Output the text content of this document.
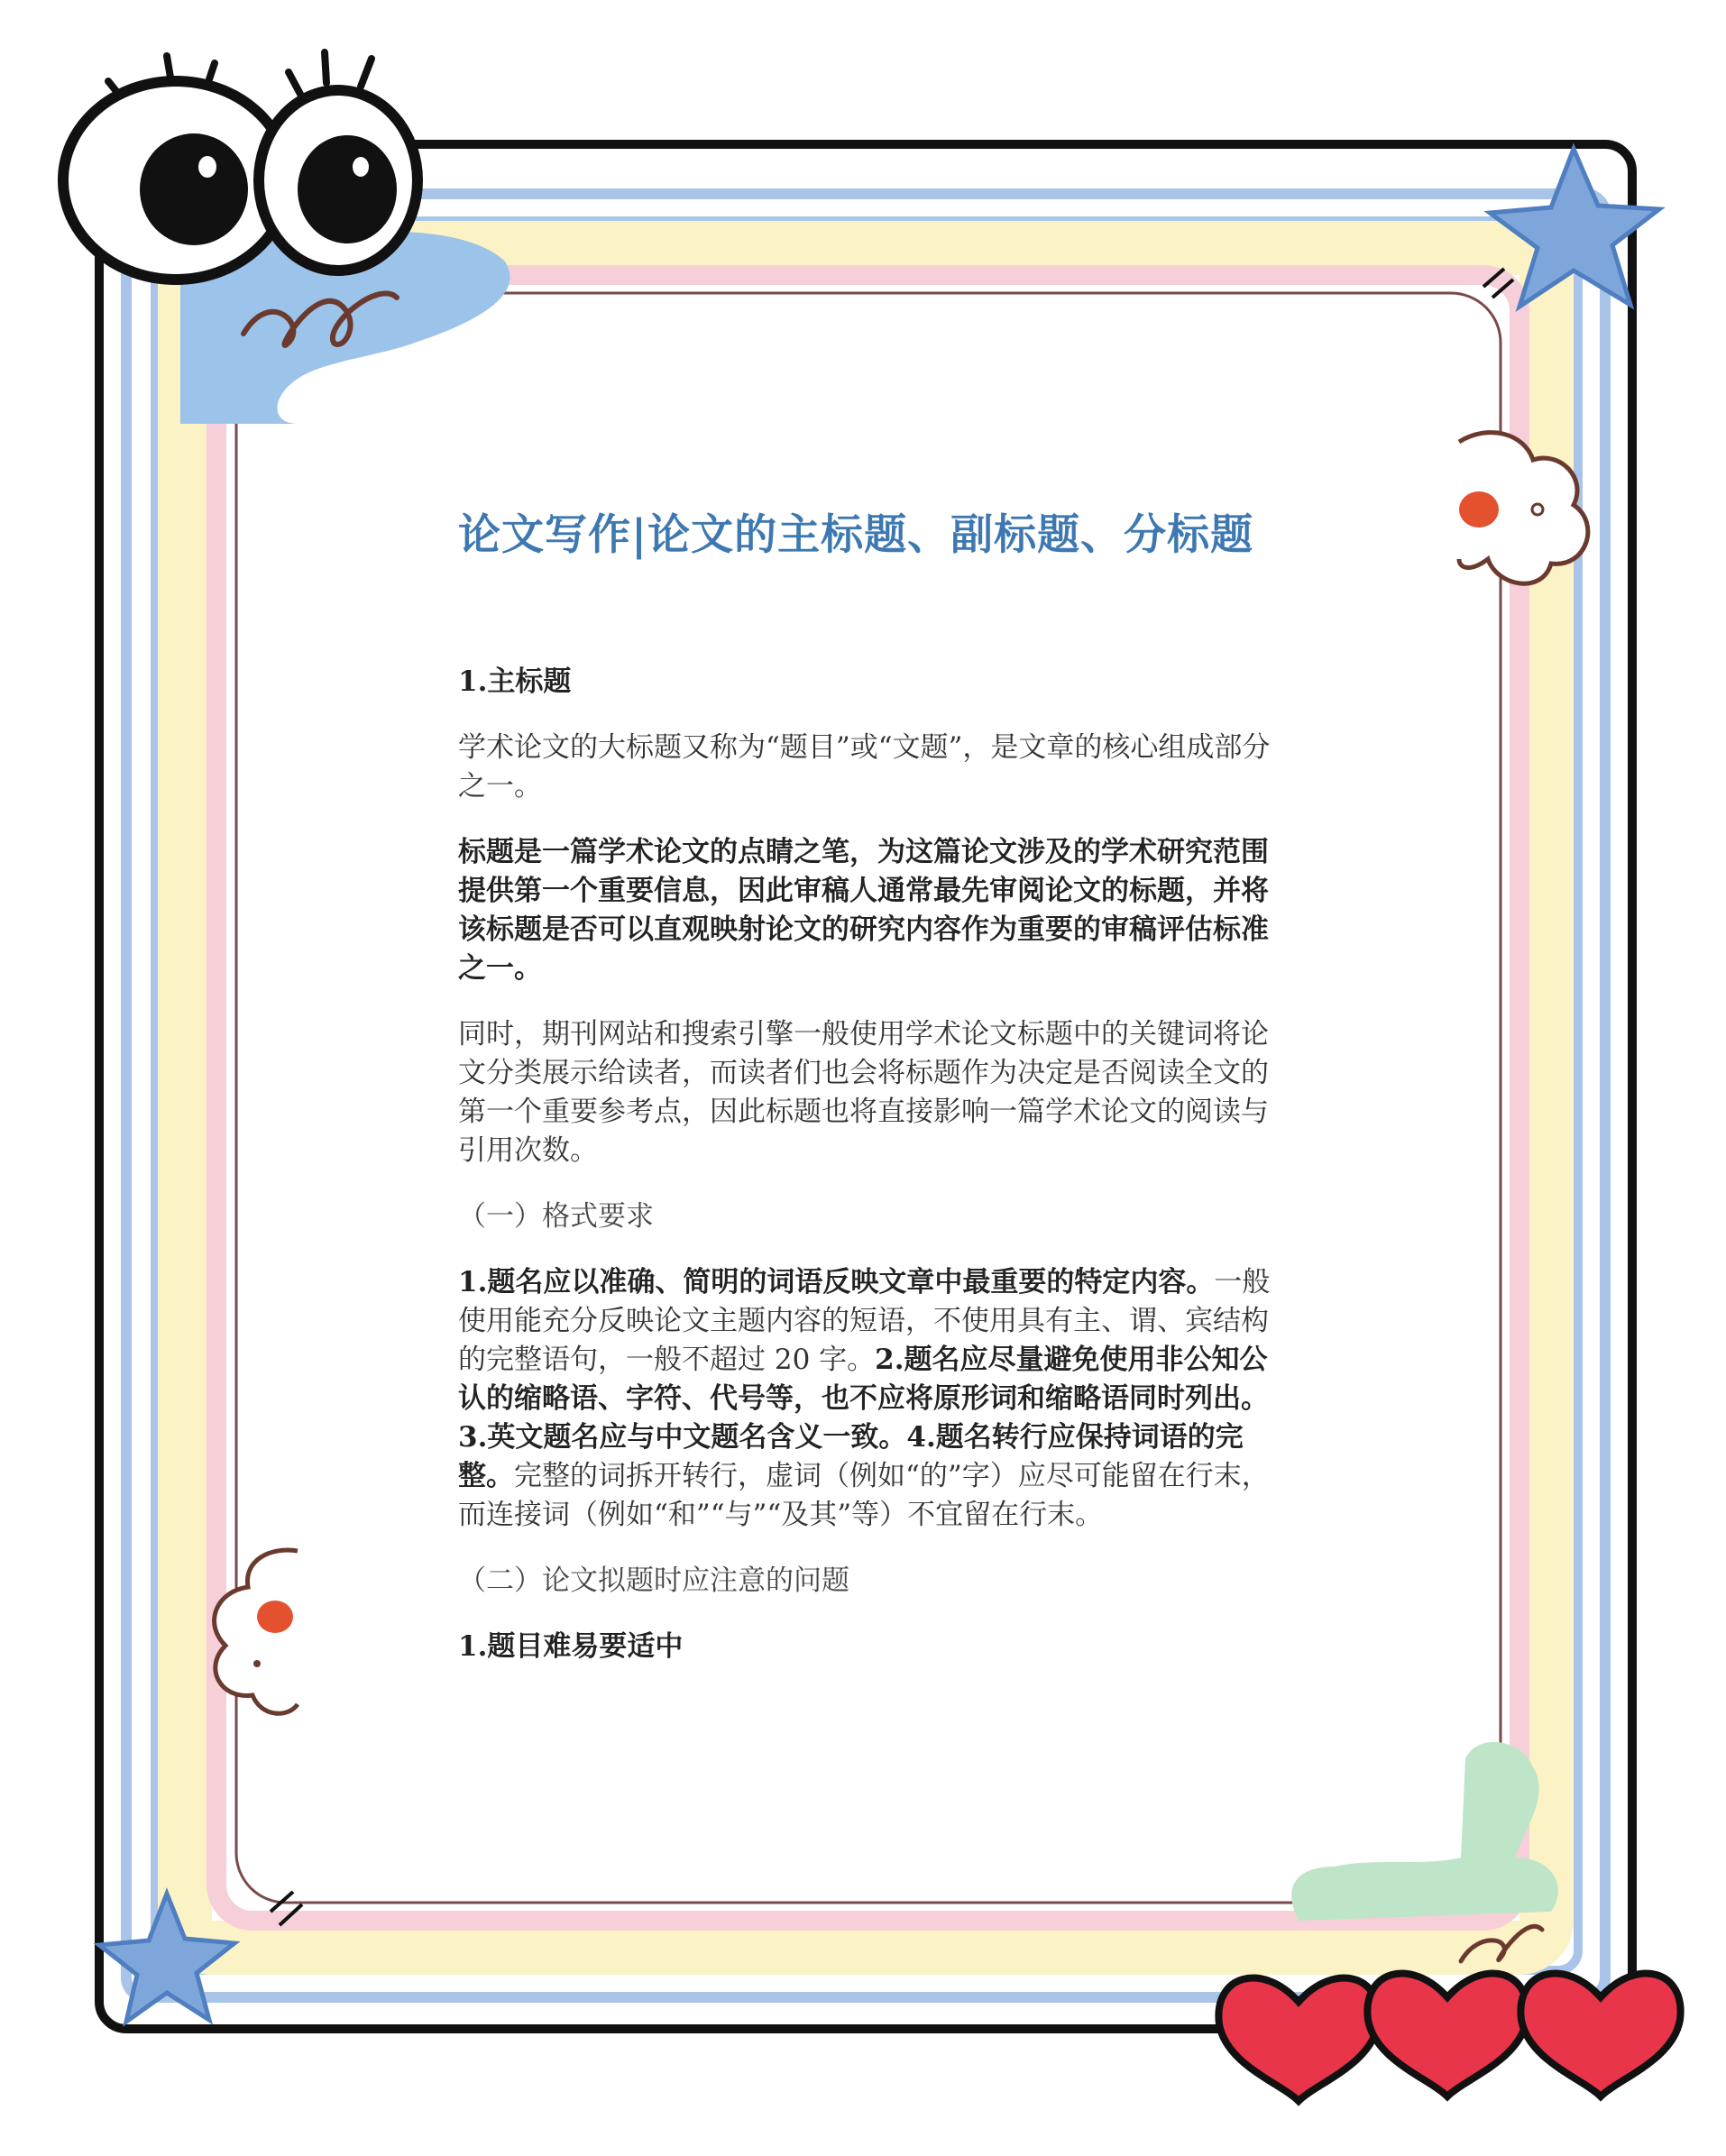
论文写作|论文的主标题、副标题、分标题
1.主标题
学术论文的大标题又称为“题目”或“文题”，是文章的核心组成部分之一。
标题是一篇学术论文的点睛之笔，为这篇论文涉及的学术研究范围提供第一个重要信息，因此审稿人通常最先审阅论文的标题，并将该标题是否可以直观映射论文的研究内容作为重要的审稿评估标准之一。
同时，期刊网站和搜索引擎一般使用学术论文标题中的关键词将论文分类展示给读者，而读者们也会将标题作为决定是否阅读全文的第一个重要参考点，因此标题也将直接影响一篇学术论文的阅读与引用次数。
（一）格式要求
1.题名应以准确、简明的词语反映文章中最重要的特定内容。一般使用能充分反映论文主题内容的短语，不使用具有主、谓、宾结构的完整语句，一般不超过 20 字。2.题名应尽量避免使用非公知公认的缩略语、字符、代号等，也不应将原形词和缩略语同时列出。3.英文题名应与中文题名含义一致。4.题名转行应保持词语的完整。完整的词拆开转行，虚词（例如“的”字）应尽可能留在行末，而连接词（例如“和”“与”“及其”等）不宜留在行末。
（二）论文拟题时应注意的问题
1.题目难易要适中
